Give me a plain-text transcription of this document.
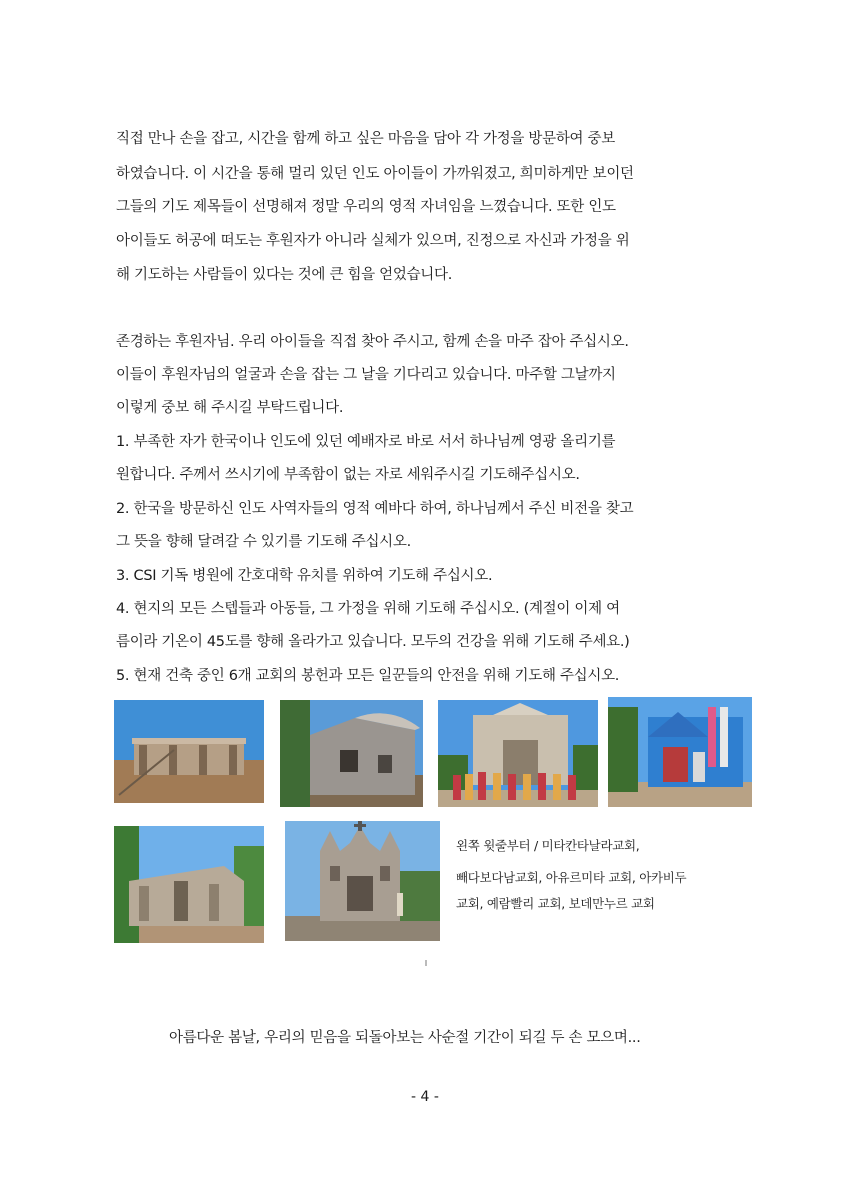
직접 만나 손을 잡고, 시간을 함께 하고 싶은 마음을 담아 각 가정을 방문하여 중보
하였습니다. 이 시간을 통해 멀리 있던 인도 아이들이 가까워졌고, 희미하게만 보이던
그들의 기도 제목들이 선명해져 정말 우리의 영적 자녀임을 느꼈습니다. 또한 인도
아이들도 허공에 떠도는 후원자가 아니라 실체가 있으며, 진정으로 자신과 가정을 위
해 기도하는 사람들이 있다는 것에 큰 힘을 얻었습니다.
존경하는 후원자님. 우리 아이들을 직접 찾아 주시고, 함께 손을 마주 잡아 주십시오.
이들이 후원자님의 얼굴과 손을 잡는 그 날을 기다리고 있습니다. 마주할 그날까지
이렇게 중보 해 주시길 부탁드립니다.
1. 부족한 자가 한국이나 인도에 있던 예배자로 바로 서서 하나님께 영광 올리기를
원합니다. 주께서 쓰시기에 부족함이 없는 자로 세워주시길 기도해주십시오.
2. 한국을 방문하신 인도 사역자들의 영적 예바다 하여, 하나님께서 주신 비전을 찾고
그 뜻을 향해 달려갈 수 있기를 기도해 주십시오.
3. CSI 기독 병원에 간호대학 유치를 위하여 기도해 주십시오.
4. 현지의 모든 스텝들과 아동들, 그 가정을 위해 기도해 주십시오. (계절이 이제 여
름이라 기온이 45도를 향해 올라가고 있습니다. 모두의 건강을 위해 기도해 주세요.)
5. 현재 건축 중인 6개 교회의 봉헌과 모든 일꾼들의 안전을 위해 기도해 주십시오.
왼쪽 윗줄부터 / 미타칸타날라교회,
빼다보다남교회, 아유르미타 교회, 아카비두
교회, 예람빨리 교회, 보데만누르 교회
아름다운 봄날, 우리의 믿음을 되돌아보는 사순절 기간이 되길 두 손 모으며...
- 4 -
